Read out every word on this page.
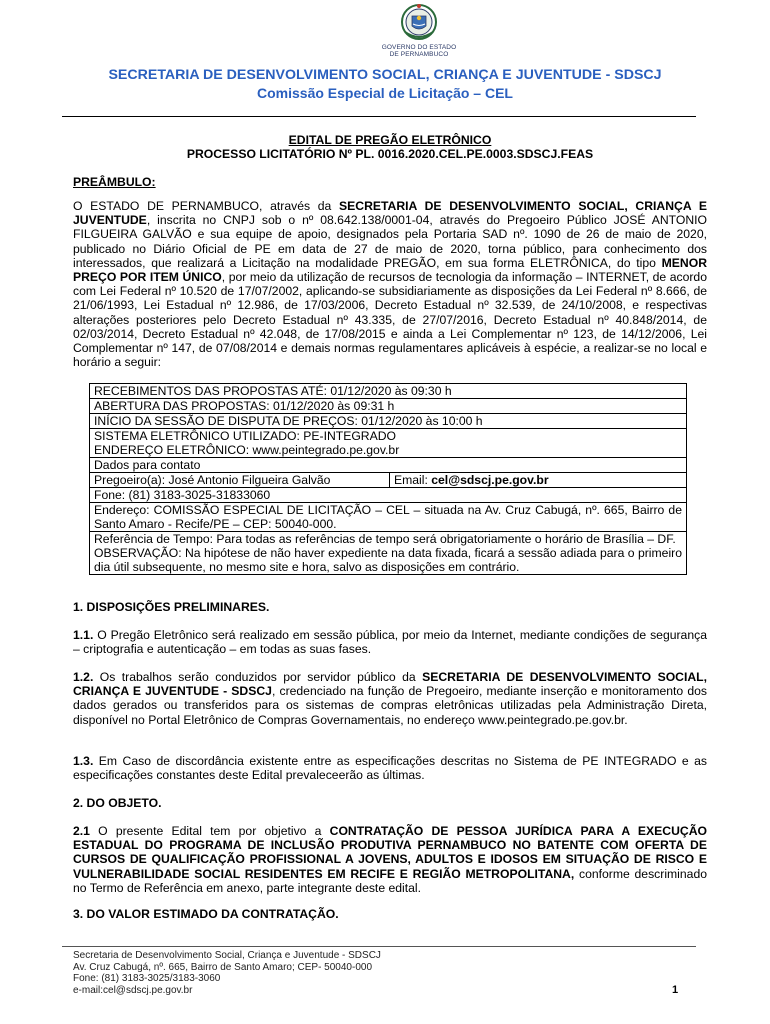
GOVERNO DO ESTADO
DE PERNAMBUCO
SECRETARIA DE DESENVOLVIMENTO SOCIAL, CRIANÇA E JUVENTUDE - SDSCJ
Comissão Especial de Licitação – CEL
EDITAL DE PREGÃO ELETRÔNICO
PROCESSO LICITATÓRIO Nº PL. 0016.2020.CEL.PE.0003.SDSCJ.FEAS
PREÂMBULO:
O ESTADO DE PERNAMBUCO, através da SECRETARIA DE DESENVOLVIMENTO SOCIAL, CRIANÇA E JUVENTUDE, inscrita no CNPJ sob o nº 08.642.138/0001-04, através do Pregoeiro Público JOSÉ ANTONIO FILGUEIRA GALVÃO e sua equipe de apoio, designados pela Portaria SAD nº. 1090 de 26 de maio de 2020, publicado no Diário Oficial de PE em data de 27 de maio de 2020, torna público, para conhecimento dos interessados, que realizará a Licitação na modalidade PREGÃO, em sua forma ELETRÔNICA, do tipo MENOR PREÇO POR ITEM ÚNICO, por meio da utilização de recursos de tecnologia da informação – INTERNET, de acordo com Lei Federal nº 10.520 de 17/07/2002, aplicando-se subsidiariamente as disposições da Lei Federal nº 8.666, de 21/06/1993, Lei Estadual nº 12.986, de 17/03/2006, Decreto Estadual nº 32.539, de 24/10/2008, e respectivas alterações posteriores pelo Decreto Estadual nº 43.335, de 27/07/2016, Decreto Estadual nº 40.848/2014, de 02/03/2014, Decreto Estadual nº 42.048, de 17/08/2015 e ainda a Lei Complementar nº 123, de 14/12/2006, Lei Complementar nº 147, de 07/08/2014 e demais normas regulamentares aplicáveis à espécie, a realizar-se no local e horário a seguir:
RECEBIMENTOS DAS PROPOSTAS ATÉ: 01/12/2020 às 09:30 h
ABERTURA DAS PROPOSTAS: 01/12/2020 às 09:31 h
INÍCIO DA SESSÃO DE DISPUTA DE PREÇOS: 01/12/2020 às 10:00 h
SISTEMA ELETRÔNICO UTILIZADO: PE-INTEGRADO
ENDEREÇO ELETRÔNICO: www.peintegrado.pe.gov.br
Dados para contato
Pregoeiro(a): José Antonio Filgueira Galvão	Email: cel@sdscj.pe.gov.br
Fone: (81) 3183-3025-31833060
Endereço: COMISSÃO ESPECIAL DE LICITAÇÃO – CEL – situada na Av. Cruz Cabugá, nº. 665, Bairro de Santo Amaro - Recife/PE – CEP: 50040-000.
Referência de Tempo: Para todas as referências de tempo será obrigatoriamente o horário de Brasília – DF.
OBSERVAÇÃO: Na hipótese de não haver expediente na data fixada, ficará a sessão adiada para o primeiro dia útil subsequente, no mesmo site e hora, salvo as disposições em contrário.
1. DISPOSIÇÕES PRELIMINARES.
1.1. O Pregão Eletrônico será realizado em sessão pública, por meio da Internet, mediante condições de segurança – criptografia e autenticação – em todas as suas fases.
1.2. Os trabalhos serão conduzidos por servidor público da SECRETARIA DE DESENVOLVIMENTO SOCIAL, CRIANÇA E JUVENTUDE - SDSCJ, credenciado na função de Pregoeiro, mediante inserção e monitoramento dos dados gerados ou transferidos para os sistemas de compras eletrônicas utilizadas pela Administração Direta, disponível no Portal Eletrônico de Compras Governamentais, no endereço www.peintegrado.pe.gov.br.
1.3. Em Caso de discordância existente entre as especificações descritas no Sistema de PE INTEGRADO e as especificações constantes deste Edital prevaleceerão as últimas.
2. DO OBJETO.
2.1 O presente Edital tem por objetivo a CONTRATAÇÃO DE PESSOA JURÍDICA PARA A EXECUÇÃO ESTADUAL DO PROGRAMA DE INCLUSÃO PRODUTIVA PERNAMBUCO NO BATENTE COM OFERTA DE CURSOS DE QUALIFICAÇÃO PROFISSIONAL A JOVENS, ADULTOS E IDOSOS EM SITUAÇÃO DE RISCO E VULNERABILIDADE SOCIAL RESIDENTES EM RECIFE E REGIÃO METROPOLITANA, conforme descriminado no Termo de Referência em anexo, parte integrante deste edital.
3. DO VALOR ESTIMADO DA CONTRATAÇÃO.
Secretaria de Desenvolvimento Social, Criança e Juventude - SDSCJ
Av. Cruz Cabugá, nº. 665, Bairro de Santo Amaro; CEP- 50040-000
Fone: (81) 3183-3025/3183-3060
e-mail:cel@sdscj.pe.gov.br	1
